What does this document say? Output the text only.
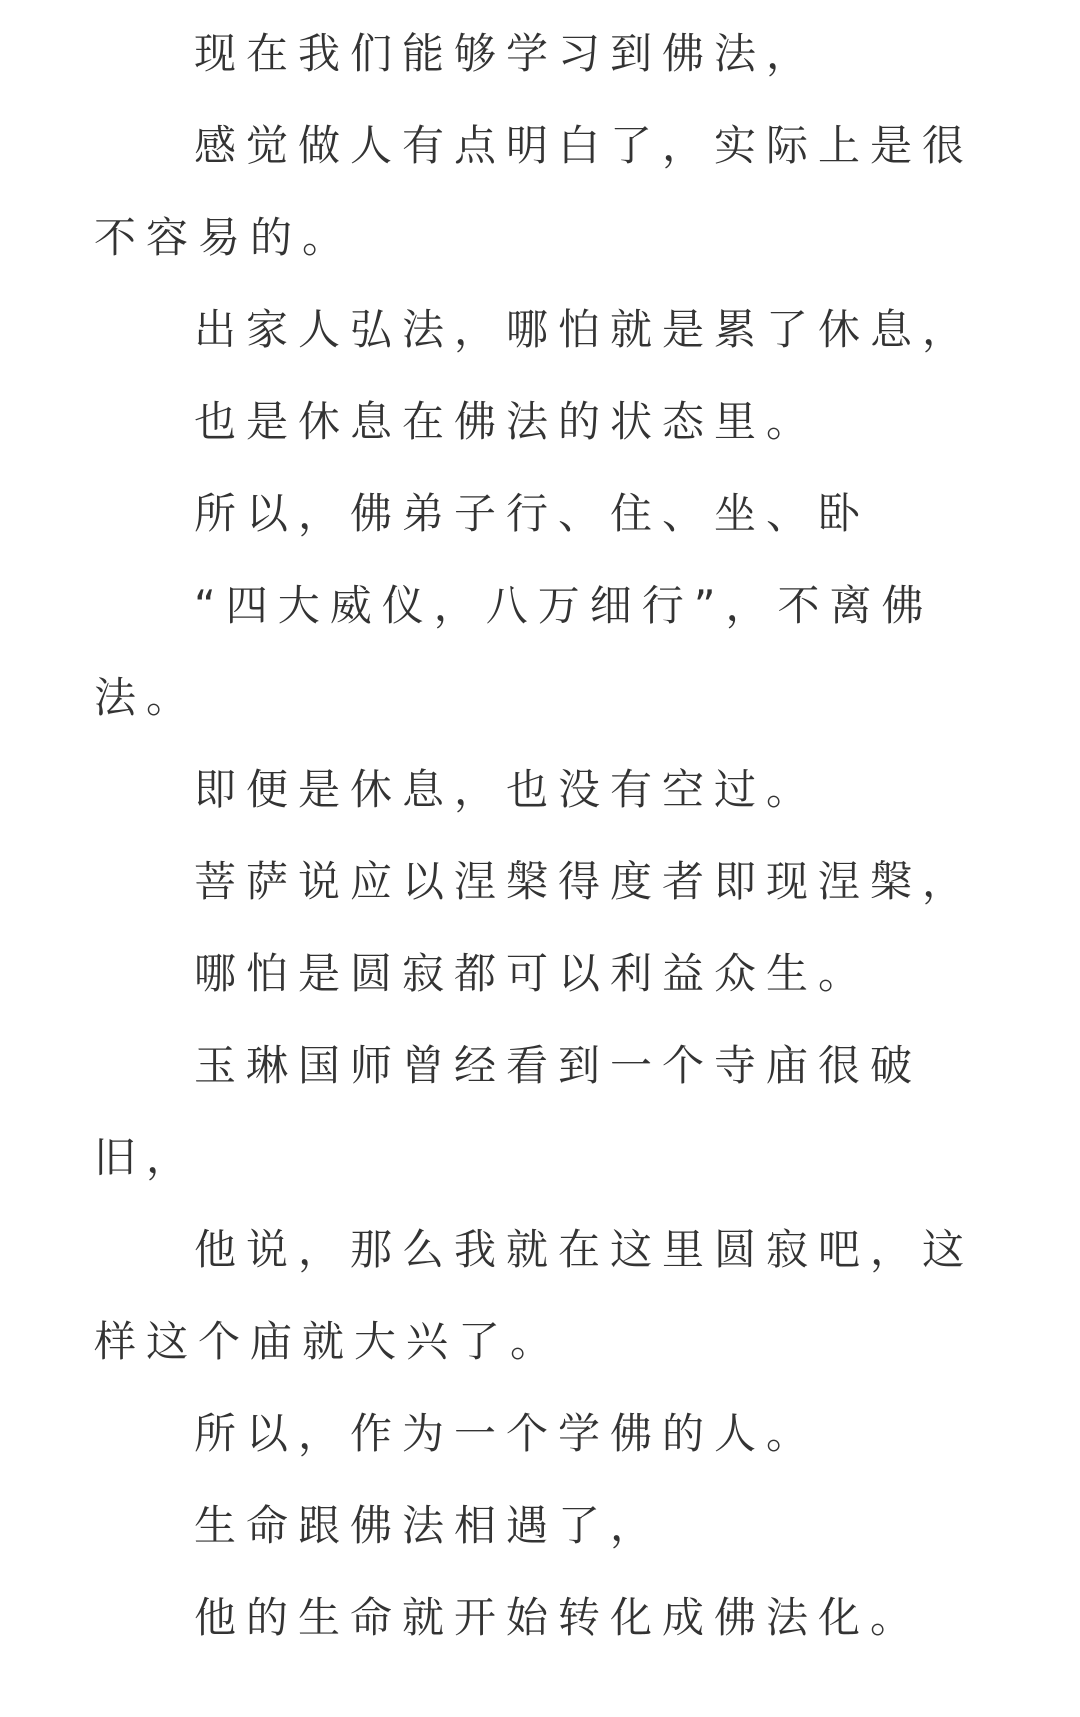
现在我们能够学习到佛法，

感觉做人有点明白了，实际上是很不容易的。

出家人弘法，哪怕就是累了休息，

也是休息在佛法的状态里。

所以，佛弟子行、住、坐、卧

“四大威仪，八万细行”，不离佛法。

即便是休息，也没有空过。

菩萨说应以涅槃得度者即现涅槃，

哪怕是圆寂都可以利益众生。

玉琳国师曾经看到一个寺庙很破旧，

他说，那么我就在这里圆寂吧，这样这个庙就大兴了。

所以，作为一个学佛的人。

生命跟佛法相遇了，

他的生命就开始转化成佛法化。
